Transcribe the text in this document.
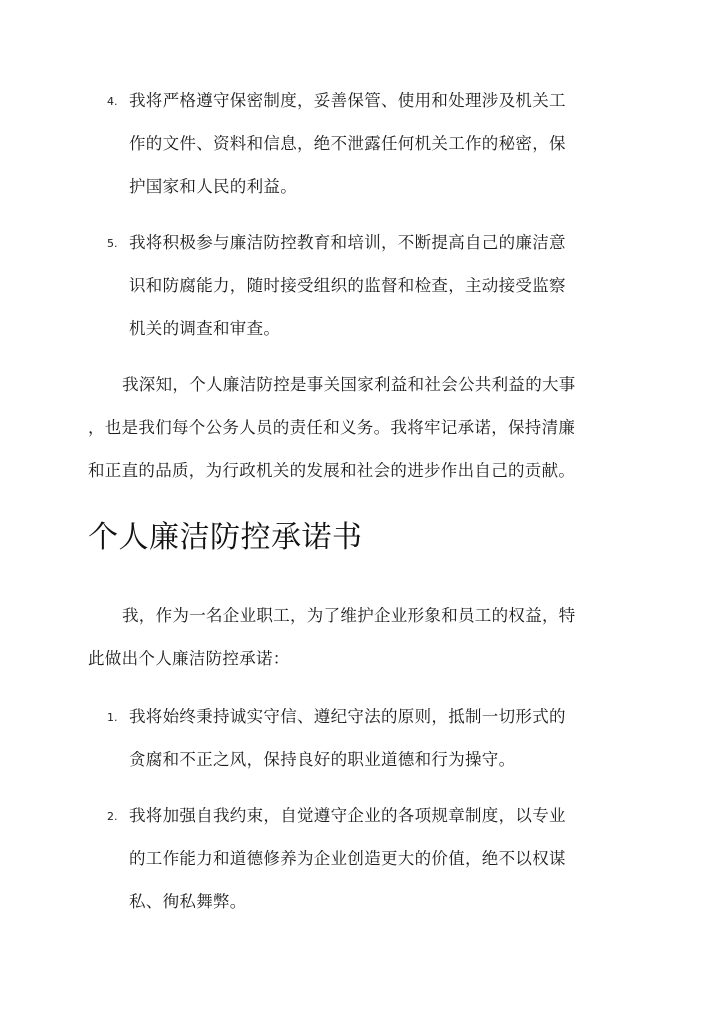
4. 我将严格遵守保密制度，妥善保管、使用和处理涉及机关工
作的文件、资料和信息，绝不泄露任何机关工作的秘密，保
护国家和人民的利益。
5. 我将积极参与廉洁防控教育和培训，不断提高自己的廉洁意
识和防腐能力，随时接受组织的监督和检查，主动接受监察
机关的调查和审查。
我深知，个人廉洁防控是事关国家利益和社会公共利益的大事
，也是我们每个公务人员的责任和义务。我将牢记承诺，保持清廉
和正直的品质，为行政机关的发展和社会的进步作出自己的贡献。
个人廉洁防控承诺书
我，作为一名企业职工，为了维护企业形象和员工的权益，特
此做出个人廉洁防控承诺：
1. 我将始终秉持诚实守信、遵纪守法的原则，抵制一切形式的
贪腐和不正之风，保持良好的职业道德和行为操守。
2. 我将加强自我约束，自觉遵守企业的各项规章制度，以专业
的工作能力和道德修养为企业创造更大的价值，绝不以权谋
私、徇私舞弊。
